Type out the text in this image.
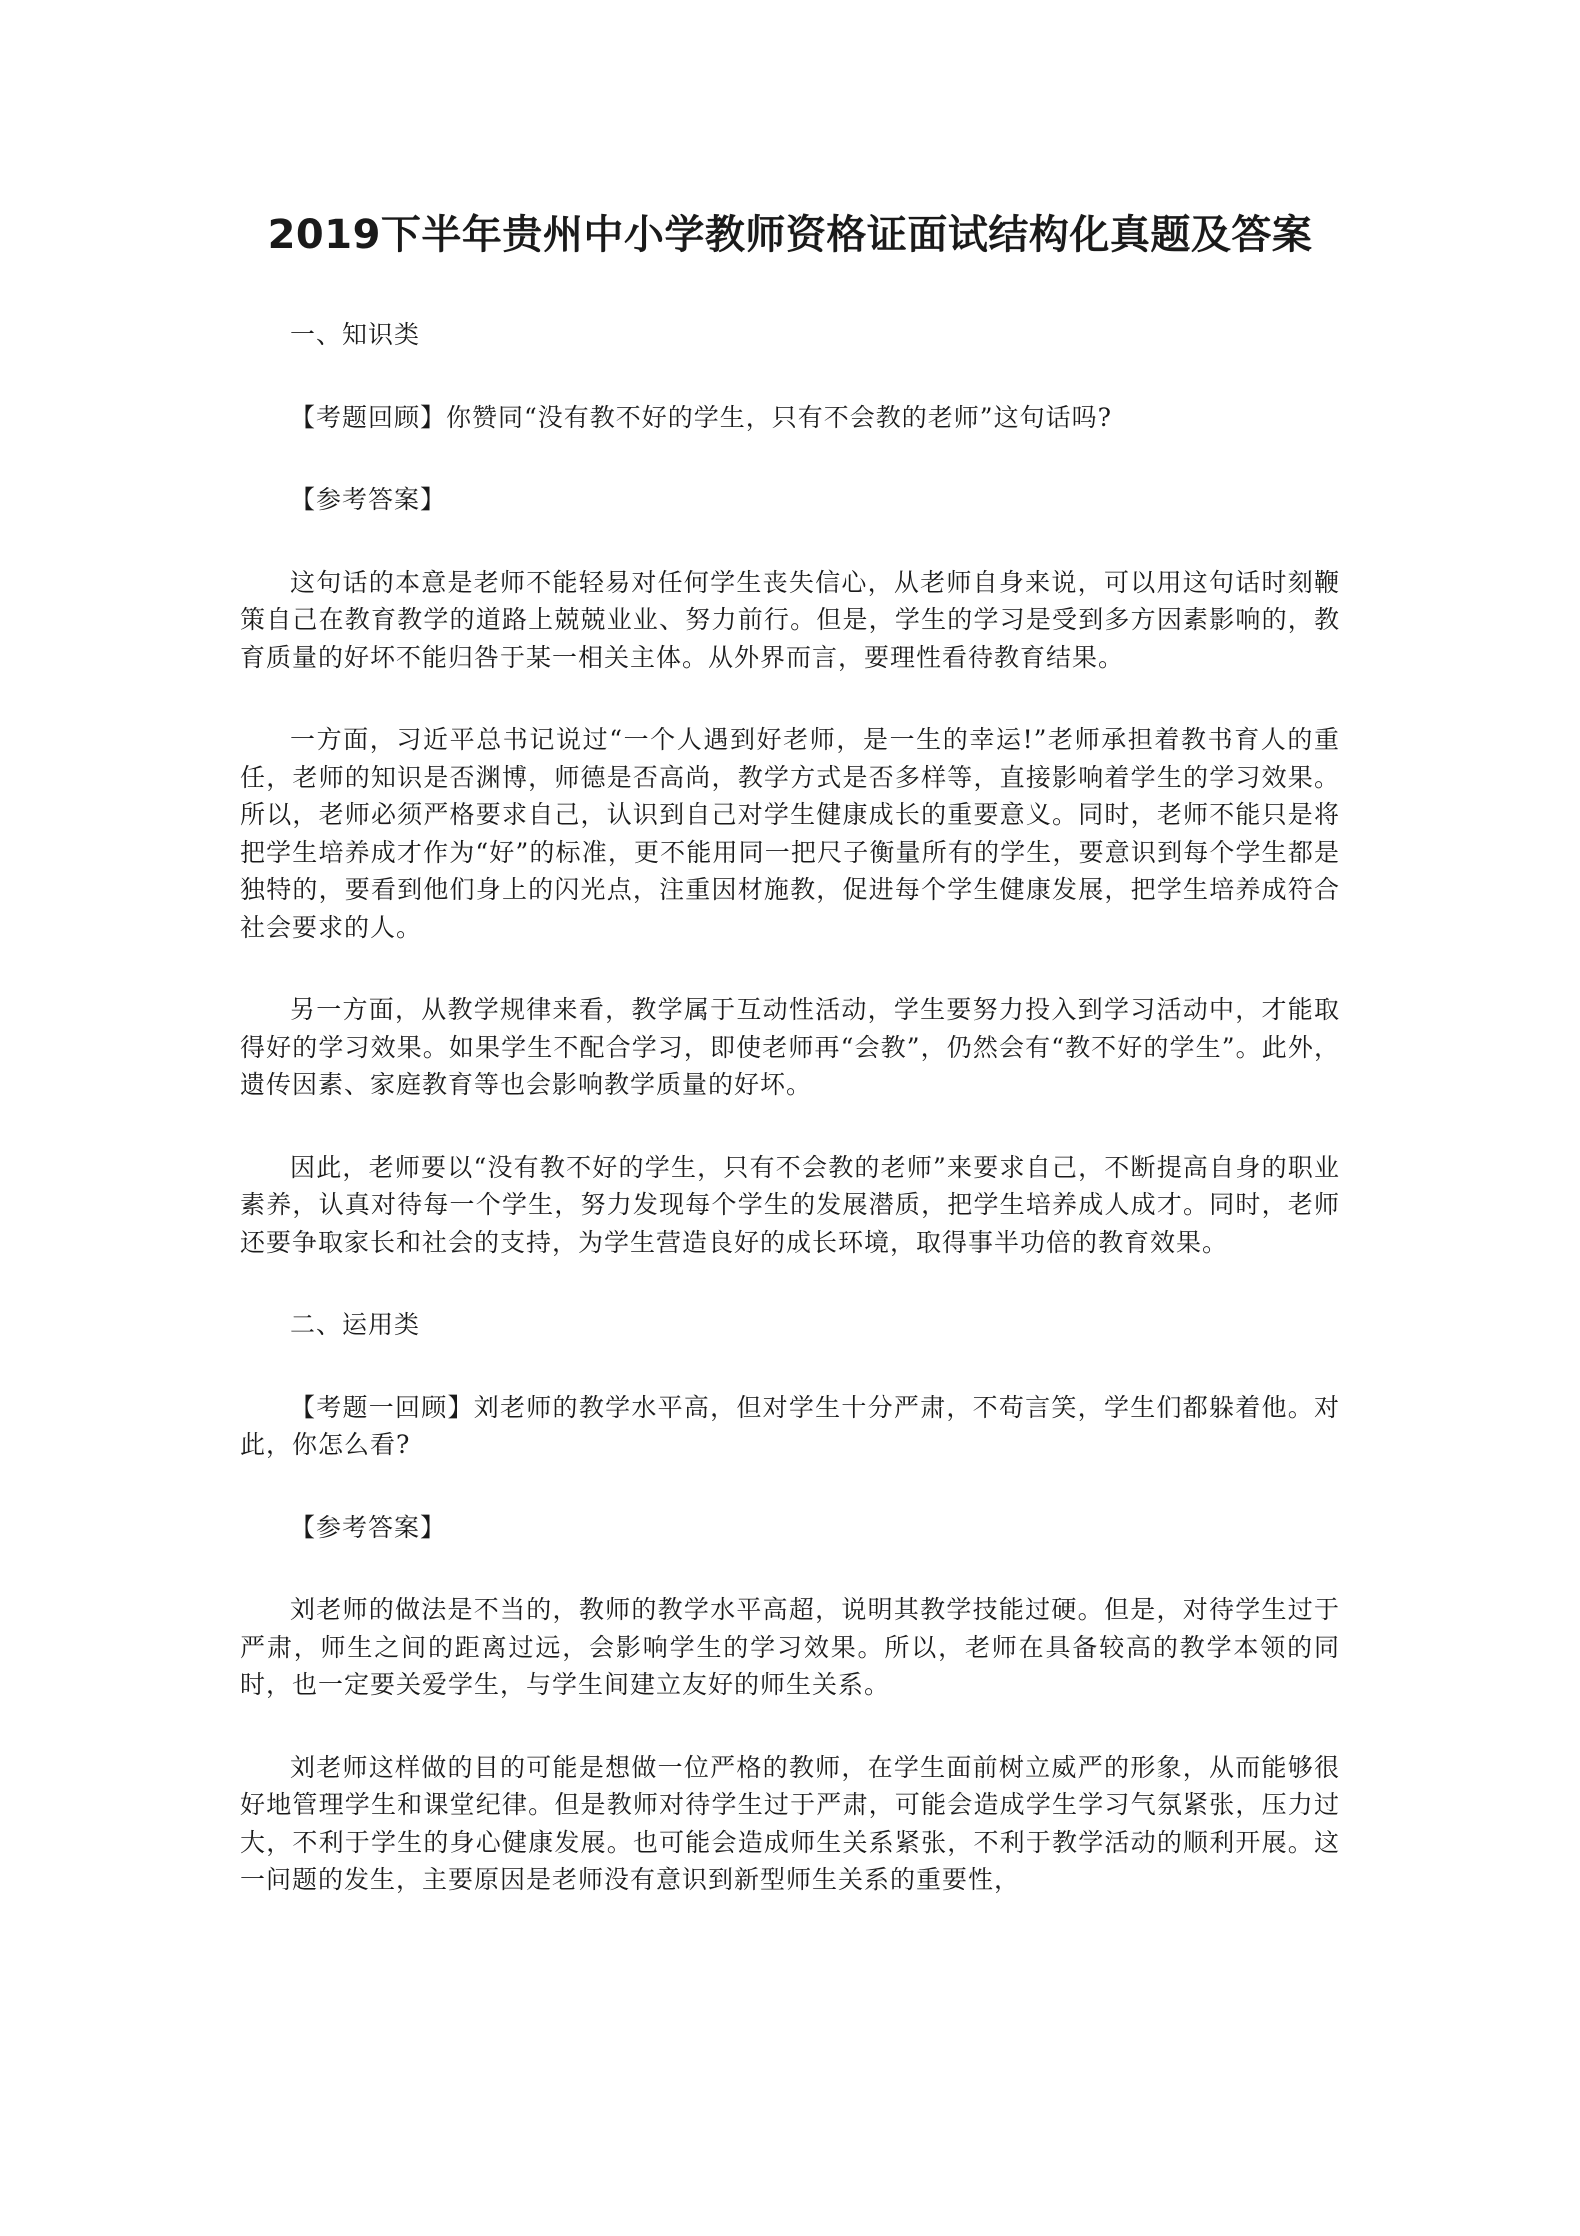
2019下半年贵州中小学教师资格证面试结构化真题及答案

一、知识类

【考题回顾】你赞同“没有教不好的学生，只有不会教的老师”这句话吗?

【参考答案】

这句话的本意是老师不能轻易对任何学生丧失信心，从老师自身来说，可以用这句话时刻鞭策自己在教育教学的道路上兢兢业业、努力前行。但是，学生的学习是受到多方因素影响的，教育质量的好坏不能归咎于某一相关主体。从外界而言，要理性看待教育结果。

一方面，习近平总书记说过“一个人遇到好老师，是一生的幸运!”老师承担着教书育人的重任，老师的知识是否渊博，师德是否高尚，教学方式是否多样等，直接影响着学生的学习效果。所以，老师必须严格要求自己，认识到自己对学生健康成长的重要意义。同时，老师不能只是将把学生培养成才作为“好”的标准，更不能用同一把尺子衡量所有的学生，要意识到每个学生都是独特的，要看到他们身上的闪光点，注重因材施教，促进每个学生健康发展，把学生培养成符合社会要求的人。

另一方面，从教学规律来看，教学属于互动性活动，学生要努力投入到学习活动中，才能取得好的学习效果。如果学生不配合学习，即使老师再“会教”，仍然会有“教不好的学生”。此外，遗传因素、家庭教育等也会影响教学质量的好坏。

因此，老师要以“没有教不好的学生，只有不会教的老师”来要求自己，不断提高自身的职业素养，认真对待每一个学生，努力发现每个学生的发展潜质，把学生培养成人成才。同时，老师还要争取家长和社会的支持，为学生营造良好的成长环境，取得事半功倍的教育效果。

二、运用类

【考题一回顾】刘老师的教学水平高，但对学生十分严肃，不苟言笑，学生们都躲着他。对此，你怎么看?

【参考答案】

刘老师的做法是不当的，教师的教学水平高超，说明其教学技能过硬。但是，对待学生过于严肃，师生之间的距离过远，会影响学生的学习效果。所以，老师在具备较高的教学本领的同时，也一定要关爱学生，与学生间建立友好的师生关系。

刘老师这样做的目的可能是想做一位严格的教师，在学生面前树立威严的形象，从而能够很好地管理学生和课堂纪律。但是教师对待学生过于严肃，可能会造成学生学习气氛紧张，压力过大，不利于学生的身心健康发展。也可能会造成师生关系紧张，不利于教学活动的顺利开展。这一问题的发生，主要原因是老师没有意识到新型师生关系的重要性，
